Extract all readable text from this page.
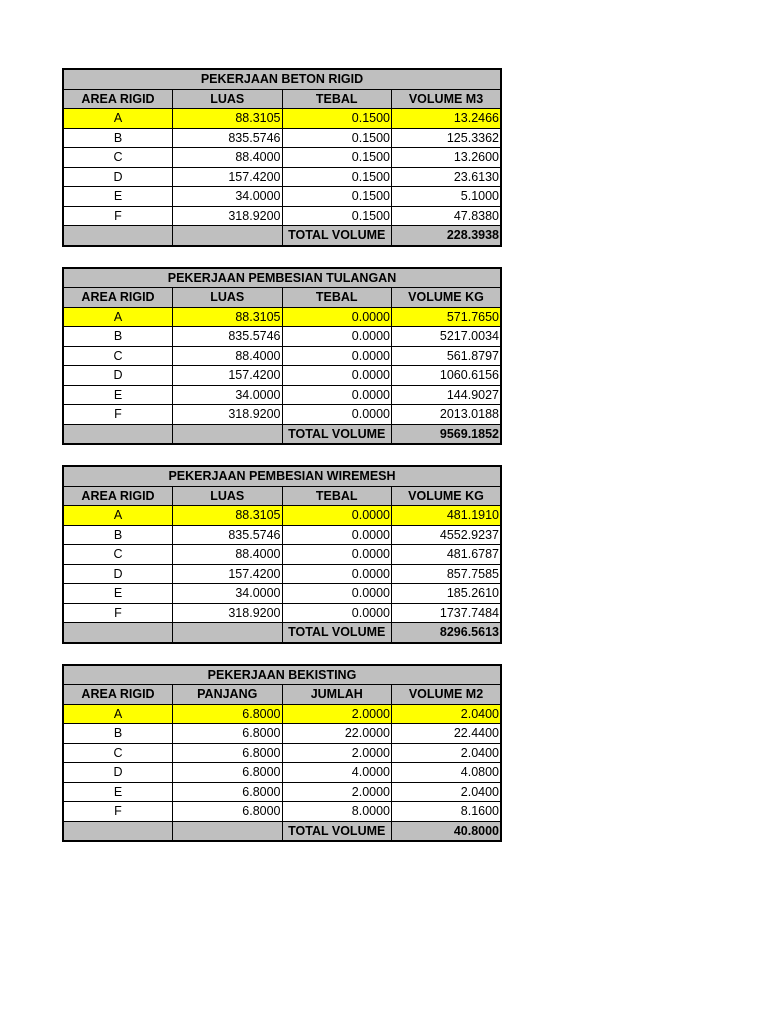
PEKERJAAN BETON RIGID			
AREA RIGID	LUAS	TEBAL	VOLUME M3
A	88.3105	0.1500	13.2466
B	835.5746	0.1500	125.3362
C	88.4000	0.1500	13.2600
D	157.4200	0.1500	23.6130
E	34.0000	0.1500	5.1000
F	318.9200	0.1500	47.8380
		TOTAL VOLUME	228.3938
PEKERJAAN PEMBESIAN TULANGAN			
AREA RIGID	LUAS	TEBAL	VOLUME KG
A	88.3105	0.0000	571.7650
B	835.5746	0.0000	5217.0034
C	88.4000	0.0000	561.8797
D	157.4200	0.0000	1060.6156
E	34.0000	0.0000	144.9027
F	318.9200	0.0000	2013.0188
		TOTAL VOLUME	9569.1852
PEKERJAAN PEMBESIAN WIREMESH			
AREA RIGID	LUAS	TEBAL	VOLUME KG
A	88.3105	0.0000	481.1910
B	835.5746	0.0000	4552.9237
C	88.4000	0.0000	481.6787
D	157.4200	0.0000	857.7585
E	34.0000	0.0000	185.2610
F	318.9200	0.0000	1737.7484
		TOTAL VOLUME	8296.5613
PEKERJAAN BEKISTING			
AREA RIGID	PANJANG	JUMLAH	VOLUME M2
A	6.8000	2.0000	2.0400
B	6.8000	22.0000	22.4400
C	6.8000	2.0000	2.0400
D	6.8000	4.0000	4.0800
E	6.8000	2.0000	2.0400
F	6.8000	8.0000	8.1600
		TOTAL VOLUME	40.8000
